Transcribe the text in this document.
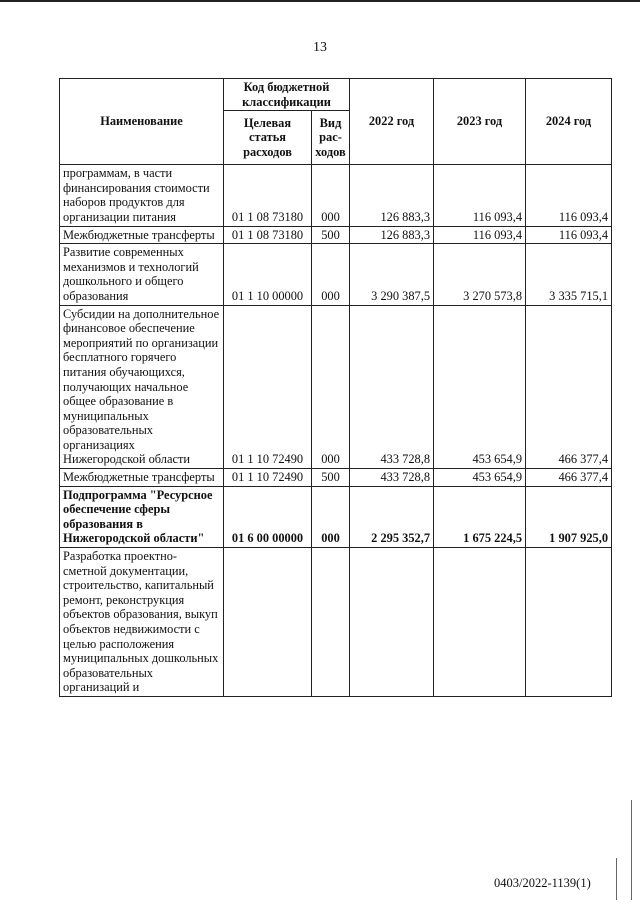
13
Наименование	Код бюджетной классификации		2022 год	2023 год	2024 год
	Целевая статья расходов	Вид рас-ходов			
программам, в части финансирования стоимости наборов продуктов для организации питания	01 1 08 73180	000	126 883,3	116 093,4	116 093,4
Межбюджетные трансферты	01 1 08 73180	500	126 883,3	116 093,4	116 093,4
Развитие современных механизмов и технологий дошкольного и общего образования	01 1 10 00000	000	3 290 387,5	3 270 573,8	3 335 715,1
Субсидии на дополнительное финансовое обеспечение мероприятий по организации бесплатного горячего питания обучающихся, получающих начальное общее образование в муниципальных образовательных организациях Нижегородской области	01 1 10 72490	000	433 728,8	453 654,9	466 377,4
Межбюджетные трансферты	01 1 10 72490	500	433 728,8	453 654,9	466 377,4
Подпрограмма "Ресурсное обеспечение сферы образования в Нижегородской области"	01 6 00 00000	000	2 295 352,7	1 675 224,5	1 907 925,0
Разработка проектно-сметной документации, строительство, капитальный ремонт, реконструкция объектов образования, выкуп объектов недвижимости с целью расположения муниципальных дошкольных образовательных организаций и					
0403/2022-1139(1)
